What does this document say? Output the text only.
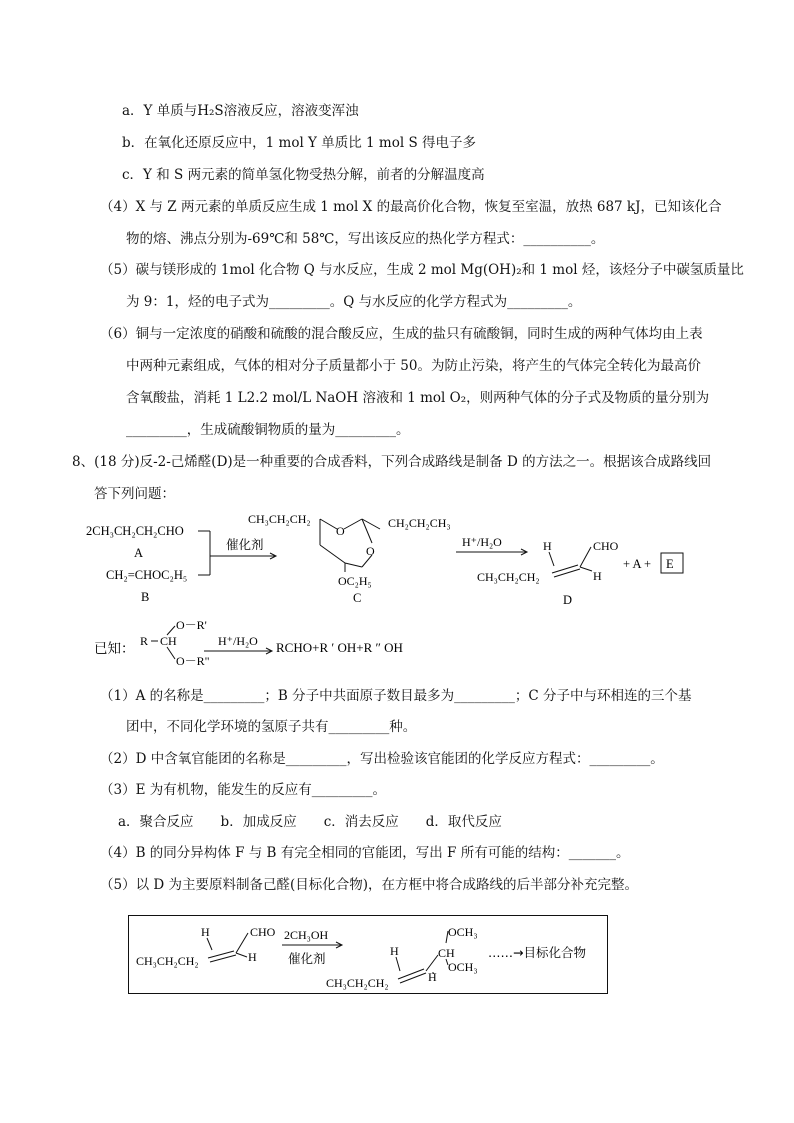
a．Y 单质与H₂S溶液反应，溶液变浑浊
b．在氧化还原反应中，1 mol Y 单质比 1 mol S 得电子多
c．Y 和 S 两元素的简单氢化物受热分解，前者的分解温度高
（4）X 与 Z 两元素的单质反应生成 1 mol X 的最高价化合物，恢复至室温，放热 687 kJ，已知该化合
物的熔、沸点分别为-69℃和 58℃，写出该反应的热化学方程式：__________。
（5）碳与镁形成的 1mol 化合物 Q 与水反应，生成 2 mol Mg(OH)₂和 1 mol 烃，该烃分子中碳氢质量比
为 9：1，烃的电子式为_________。Q 与水反应的化学方程式为_________。
（6）铜与一定浓度的硝酸和硫酸的混合酸反应，生成的盐只有硫酸铜，同时生成的两种气体均由上表
中两种元素组成，气体的相对分子质量都小于 50。为防止污染，将产生的气体完全转化为最高价
含氧酸盐，消耗 1 L2.2 mol/L NaOH 溶液和 1 mol O₂，则两种气体的分子式及物质的量分别为
_________，生成硫酸铜物质的量为_________。
8、(18 分)反-2-己烯醛(D)是一种重要的合成香料，下列合成路线是制备 D 的方法之一。根据该合成路线回
答下列问题：
2CH₃CH₂CH₂CHO
A
CH₂=CHOC₂H₅
B
催化剂
CH₃CH₂CH₂	CH₂CH₂CH₃
O
O
OC₂H₅
C
H⁺/H₂O	H	CHO
H
CH₃CH₂CH₂
D
+ A + E
已知： R CH
O－R'
O－R"
H⁺/H₂O RCHO+R ′ OH+R ″ OH
（1）A 的名称是_________；B 分子中共面原子数目最多为_________；C 分子中与环相连的三个基
团中，不同化学环境的氢原子共有_________种。
（2）D 中含氧官能团的名称是_________，写出检验该官能团的化学反应方程式：_________。
（3）E 为有机物，能发生的反应有_________。
a．聚合反应　　b．加成反应　　c．消去反应　　d．取代反应
（4）B 的同分异构体 F 与 B 有完全相同的官能团，写出 F 所有可能的结构：_______。
（5）以 D 为主要原料制备己醛(目标化合物)，在方框中将合成路线的后半部分补充完整。
H	CHO
H
CH₃CH₂CH₂
2CH₃OH
催化剂	H
OCH₃
CH
OCH₃
H
CH₃CH₂CH₂
……→目标化合物
